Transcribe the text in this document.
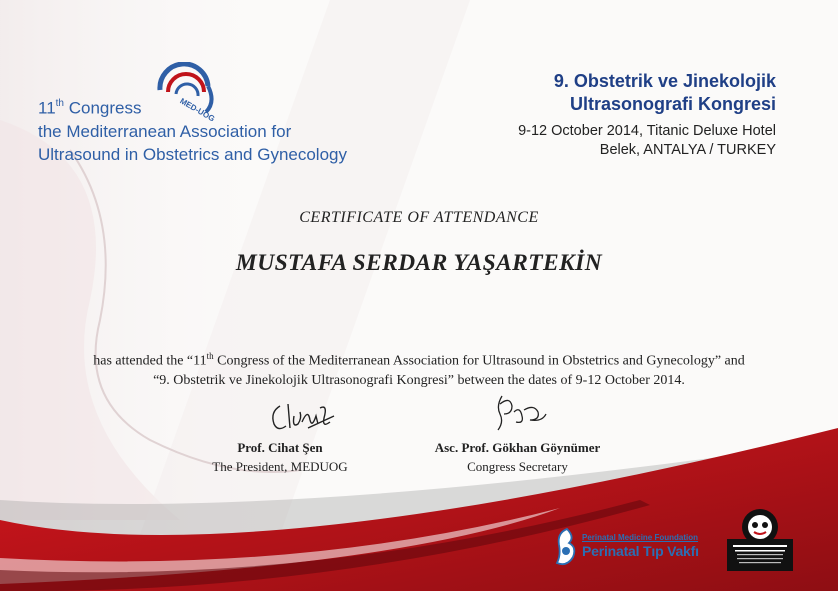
MED-UOG
11th Congress
the Mediterranean Association for
Ultrasound in Obstetrics and Gynecology
9. Obstetrik ve Jinekolojik
Ultrasonografi Kongresi
9-12 October 2014, Titanic Deluxe Hotel
Belek, ANTALYA / TURKEY
CERTIFICATE OF ATTENDANCE
MUSTAFA SERDAR YAŞARTEKİN
has attended the “11th Congress of the Mediterranean Association for Ultrasound in Obstetrics and Gynecology” and
“9. Obstetrik ve Jinekolojik Ultrasonografi Kongresi” between the dates of 9-12 October 2014.
Prof. Cihat Şen
The President, MEDUOG
Asc. Prof. Gökhan Göynümer
Congress Secretary
Perinatal Medicine Foundation
Perinatal Tıp Vakfı
